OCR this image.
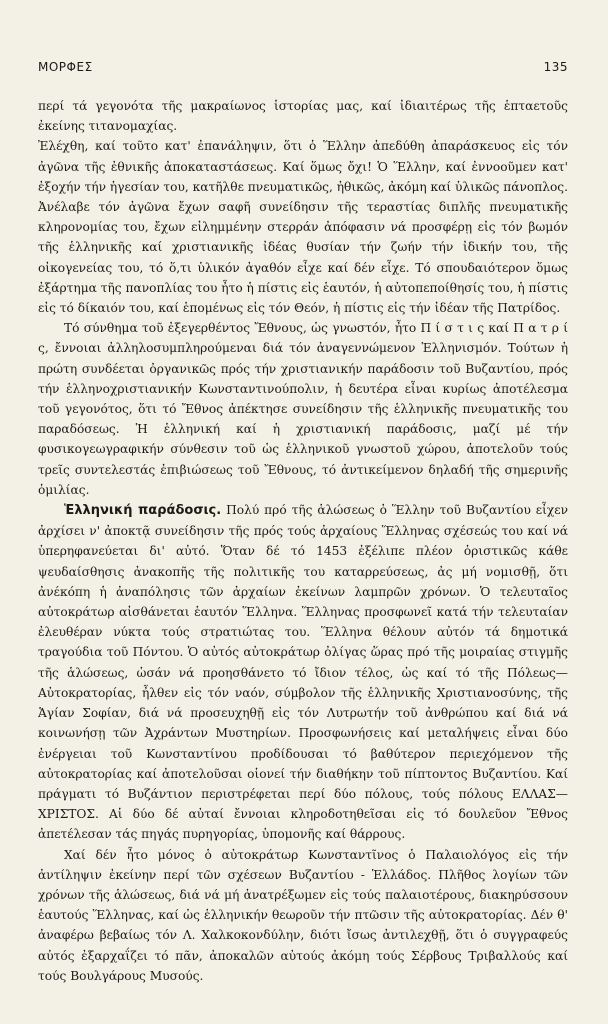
ΜΟΡΦΕΣ	135

περί τά γεγονότα τῆς μακραίωνος ἱστορίας μας, καί ἰδιαιτέρως τῆς ἑπταετοῦς ἐκείνης τιτανομαχίας.

Ἐλέχθη, καί τοῦτο κατ' ἐπανάληψιν, ὅτι ὁ Ἕλλην ἀπεδύθη ἀπαράσκευος εἰς τόν ἀγῶνα τῆς ἐθνικῆς ἀποκαταστάσεως. Καί ὅμως ὄχι! Ὁ Ἕλλην, καί ἐννοοῦμεν κατ' ἐξοχήν τήν ἡγεσίαν του, κατῆλθε πνευματικῶς, ἠθικῶς, ἀκόμη καί ὑλικῶς πάνοπλος. Ἀνέλαβε τόν ἀγῶνα ἔχων σαφῆ συνείδησιν τῆς τεραστίας διπλῆς πνευματικῆς κληρονομίας του, ἔχων εἰλημμένην στερράν ἀπόφασιν νά προσφέρῃ εἰς τόν βωμόν τῆς ἑλληνικῆς καί χριστιανικῆς ἰδέας θυσίαν τήν ζωήν τήν ἰδικήν του, τῆς οἰκογενείας του, τό ὅ,τι ὑλικόν ἀγαθόν εἶχε καί δέν εἶχε. Τό σπουδαιότερον ὅμως ἐξάρτημα τῆς πανοπλίας του ἦτο ἡ πίστις εἰς ἑαυτόν, ἡ αὐτοπεποίθησίς του, ἡ πίστις εἰς τό δίκαιόν του, καί ἑπομένως εἰς τόν Θεόν, ἡ πίστις εἰς τήν ἰδέαν τῆς Πατρίδος.

Τό σύνθημα τοῦ ἐξεγερθέντος Ἔθνους, ὡς γνωστόν, ἦτο Π ί σ τ ι ς καί Π α τ ρ ί ς, ἔννοιαι ἀλληλοσυμπληρούμεναι διά τόν ἀναγεννώμενον Ἑλληνισμόν. Τούτων ἡ πρώτη συνδέεται ὀργανικῶς πρός τήν χριστιανικήν παράδοσιν τοῦ Βυζαντίου, πρός τήν ἑλληνοχριστιανικήν Κωνσταντινούπολιν, ἡ δευτέρα εἶναι κυρίως ἀποτέλεσμα τοῦ γεγονότος, ὅτι τό Ἔθνος ἀπέκτησε συνείδησιν τῆς ἑλληνικῆς πνευματικῆς του παραδόσεως. Ἡ ἑλληνική καί ἡ χριστιανική παράδοσις, μαζί μέ τήν φυσικογεωγραφικήν σύνθεσιν τοῦ ὡς ἑλληνικοῦ γνωστοῦ χώρου, ἀποτελοῦν τούς τρεῖς συντελεστάς ἐπιβιώσεως τοῦ Ἔθνους, τό ἀντικείμενον δηλαδή τῆς σημερινῆς ὁμιλίας.

Ἑλληνική παράδοσις. Πολύ πρό τῆς ἁλώσεως ὁ Ἕλλην τοῦ Βυζαντίου εἶχεν ἀρχίσει ν' ἀποκτᾷ συνείδησιν τῆς πρός τούς ἀρχαίους Ἕλληνας σχέσεώς του καί νά ὑπερηφανεύεται δι' αὐτό. Ὅταν δέ τό 1453 ἐξέλιπε πλέον ὁριστικῶς κάθε ψευδαίσθησις ἀνακοπῆς τῆς πολιτικῆς του καταρρεύσεως, ἀς μή νομισθῇ, ὅτι ἀνέκόπη ἡ ἀναπόλησις τῶν ἀρχαίων ἐκείνων λαμπρῶν χρόνων. Ὁ τελευταῖος αὐτοκράτωρ αἰσθάνεται ἑαυτόν Ἕλληνα. Ἕλληνας προσφωνεῖ κατά τήν τελευταίαν ἐλευθέραν νύκτα τούς στρατιώτας του. Ἕλληνα θέλουν αὐτόν τά δημοτικά τραγούδια τοῦ Πόντου. Ὁ αὐτός αὐτοκράτωρ ὀλίγας ὥρας πρό τῆς μοιραίας στιγμῆς τῆς ἁλώσεως, ὡσάν νά προησθάνετο τό ἴδιον τέλος, ὡς καί τό τῆς Πόλεως—Αὐτοκρατορίας, ἦλθεν εἰς τόν ναόν, σύμβολον τῆς ἑλληνικῆς Χριστιανοσύνης, τῆς Ἁγίαν Σοφίαν, διά νά προσευχηθῇ εἰς τόν Λυτρωτήν τοῦ ἀνθρώπου καί διά νά κοινωνήσῃ τῶν Ἀχράντων Μυστηρίων. Προσφωνήσεις καί μεταλήψεις εἶναι δύο ἐνέργειαι τοῦ Κωνσταντίνου προδίδουσαι τό βαθύτερον περιεχόμενον τῆς αὐτοκρατορίας καί ἀποτελοῦσαι οἱονεί τήν διαθήκην τοῦ πίπτοντος Βυζαντίου. Καί πράγματι τό Βυζάντιον περιστρέφεται περί δύο πόλους, τούς πόλους ΕΛΛΑΣ—ΧΡΙΣΤΟΣ. Αἱ δύο δέ αὐταί ἔννοιαι κληροδοτηθεῖσαι εἰς τό δουλεῦον Ἔθνος ἀπετέλεσαν τάς πηγάς πυρηγορίας, ὑπομονῆς καί θάρρους.

Χαί δέν ἦτο μόνος ὁ αὐτοκράτωρ Κωνσταντῖνος ὁ Παλαιολόγος εἰς τήν ἀντίληψιν ἐκείνην περί τῶν σχέσεων Βυζαντίου - Ἑλλάδος. Πλῆθος λογίων τῶν χρόνων τῆς ἁλώσεως, διά νά μή ἀνατρέξωμεν εἰς τούς παλαιοτέρους, διακηρύσσουν ἑαυτούς Ἕλληνας, καί ὡς ἑλληνικήν θεωροῦν τήν πτῶσιν τῆς αὐτοκρατορίας. Δέν θ' ἀναφέρω βεβαίως τόν Λ. Χαλκοκονδύλην, διότι ἴσως ἀντιλεχθῇ, ὅτι ὁ συγγραφεύς αὐτός ἐξαρχαΐζει τό πᾶν, ἀποκαλῶν αὐτούς ἀκόμη τούς Σέρβους Τριβαλλούς καί τούς Βουλγάρους Μυσούς.
